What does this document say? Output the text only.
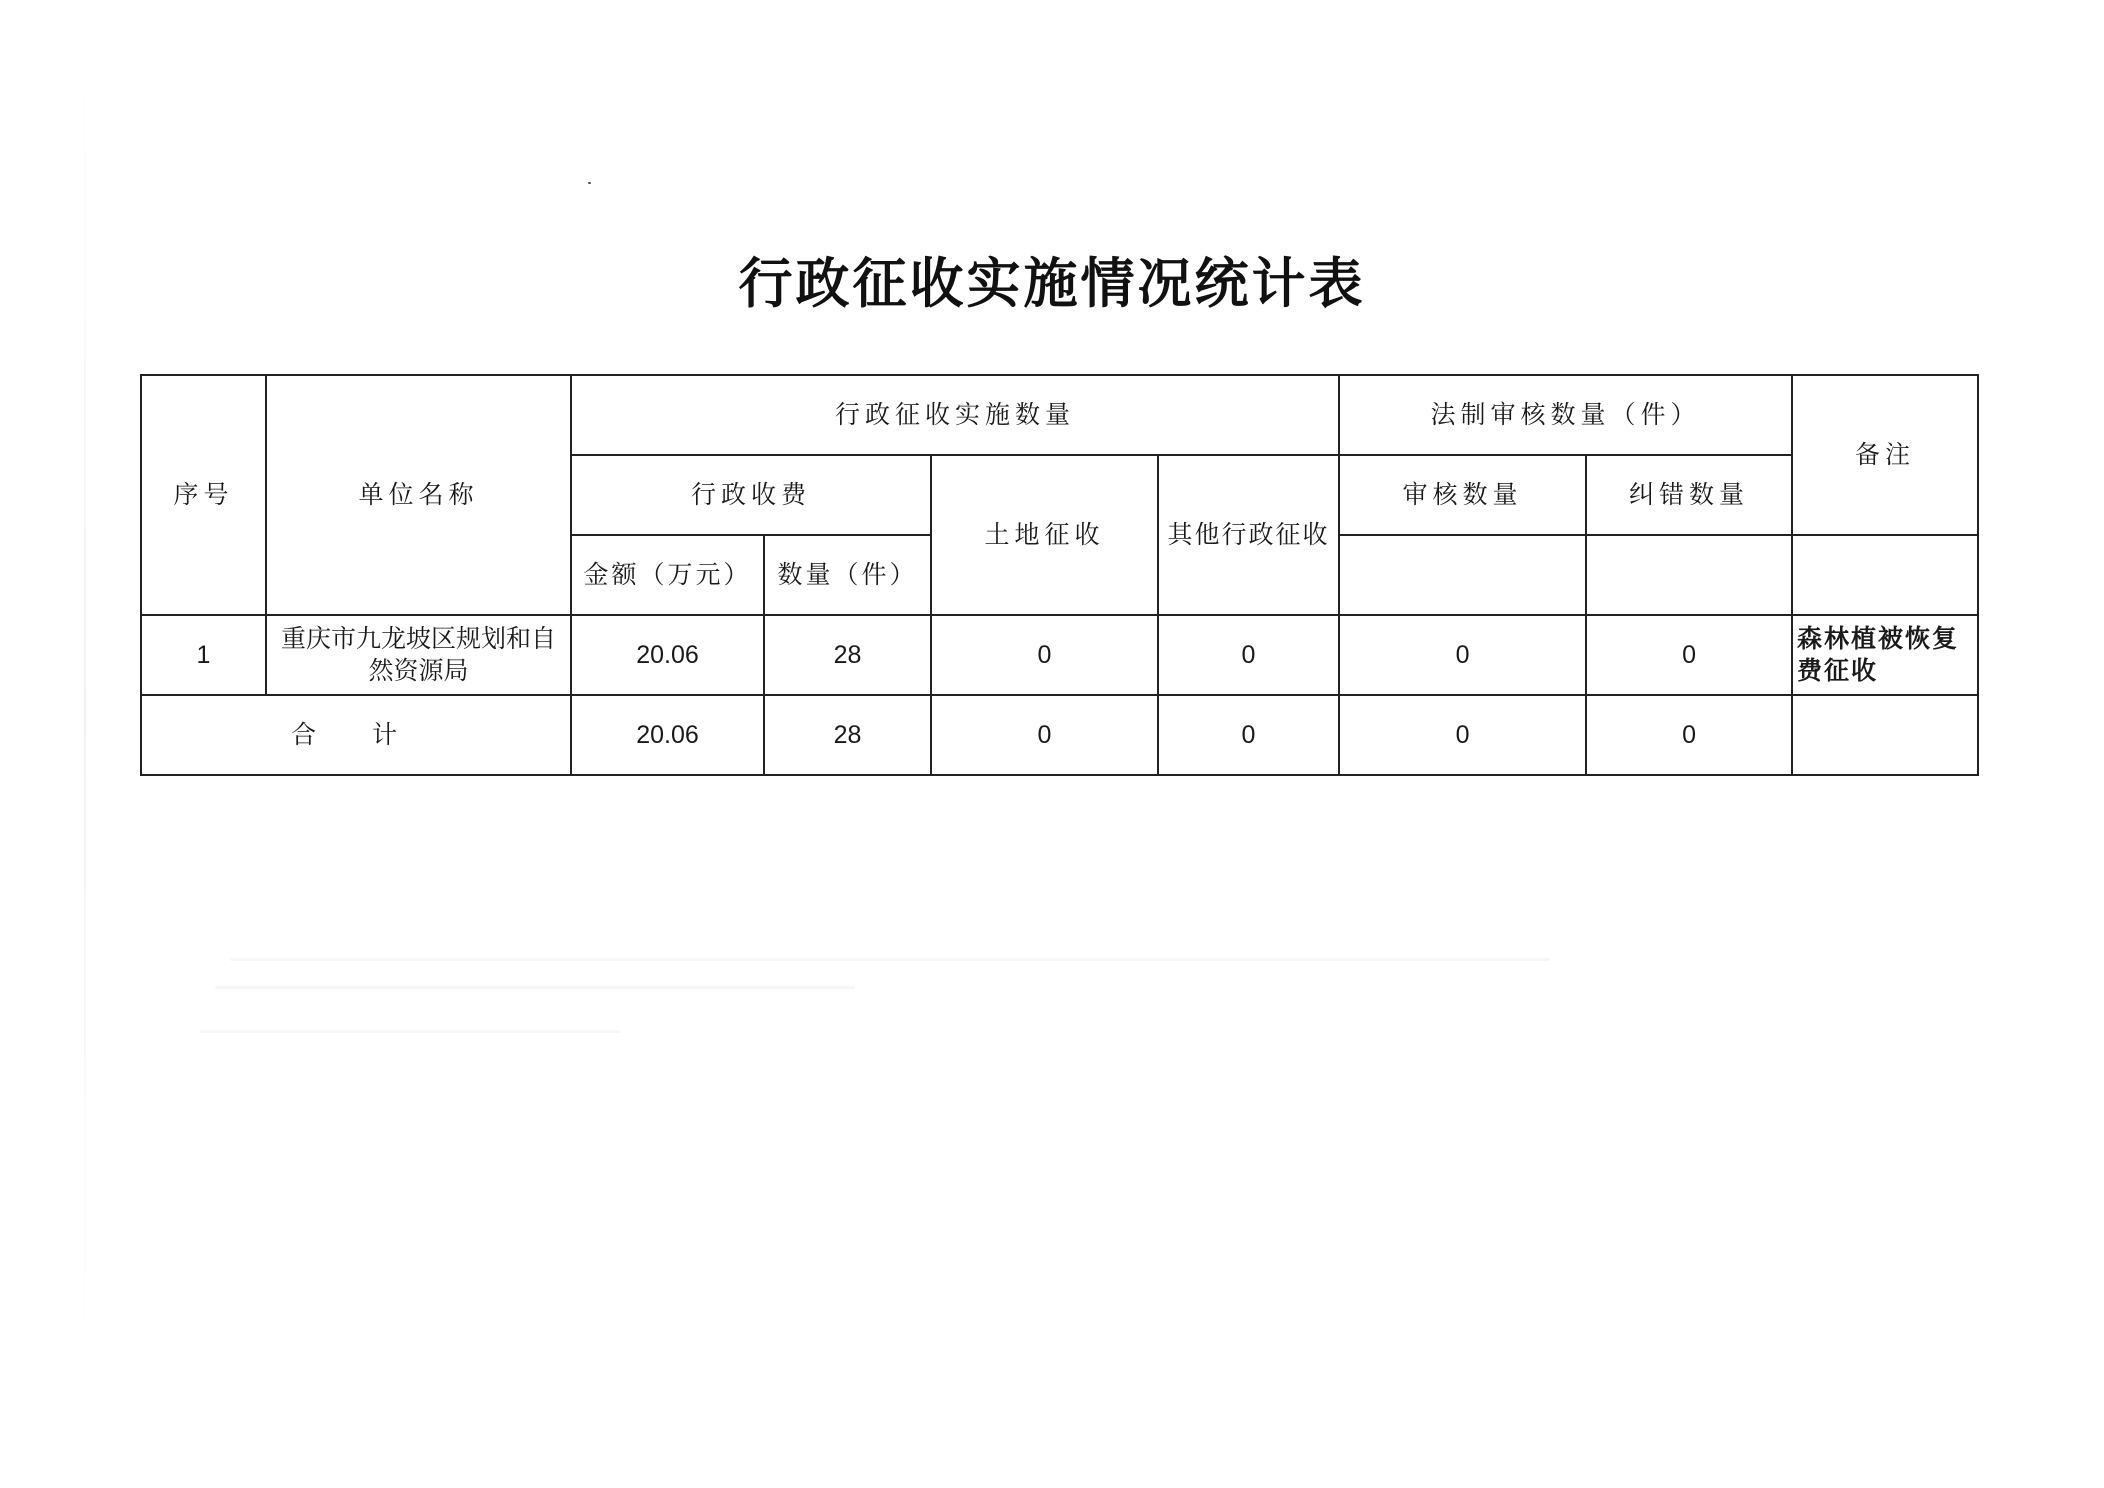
行政征收实施情况统计表
序号	单位名称	行政征收实施数量				法制审核数量（件）		备注
		行政收费		土地征收	其他行政征收	审核数量	纠错数量	
		金额（万元）	数量（件）					
1	重庆市九龙坡区规划和自然资源局	20.06	28	0	0	0	0	森林植被恢复费征收
合 计		20.06	28	0	0	0	0	
